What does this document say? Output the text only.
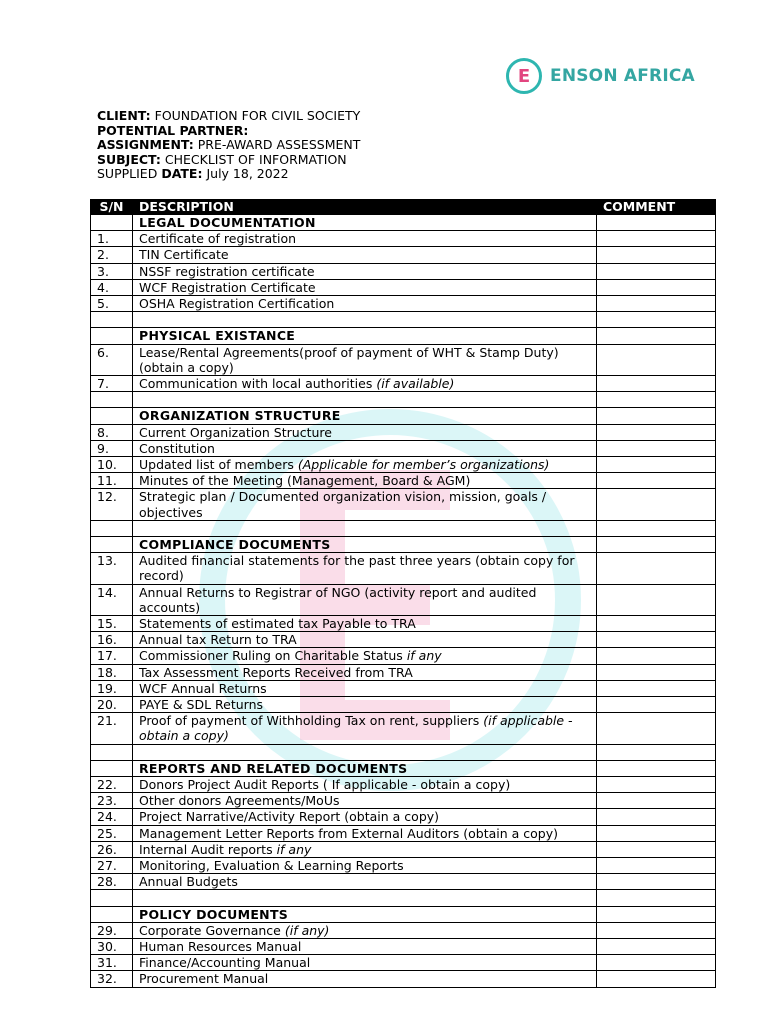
E	ENSON AFRICA
CLIENT: FOUNDATION FOR CIVIL SOCIETY
POTENTIAL PARTNER:
ASSIGNMENT: PRE-AWARD ASSESSMENT
SUBJECT: CHECKLIST OF INFORMATION
SUPPLIED DATE: July 18, 2022
S/N	DESCRIPTION	COMMENT
	LEGAL DOCUMENTATION	
1.	Certificate of registration	
2.	TIN Certificate	
3.	NSSF registration certificate	
4.	WCF Registration Certificate	
5.	OSHA Registration Certification	

	PHYSICAL EXISTANCE	
6.	Lease/Rental Agreements(proof of payment of WHT & Stamp Duty)
(obtain a copy)	
7.	Communication with local authorities (if available)	

	ORGANIZATION STRUCTURE	
8.	Current Organization Structure	
9.	Constitution	
10.	Updated list of members (Applicable for member’s organizations)	
11.	Minutes of the Meeting (Management, Board & AGM)	
12.	Strategic plan / Documented organization vision, mission, goals /
objectives	

	COMPLIANCE DOCUMENTS	
13.	Audited financial statements for the past three years (obtain copy for
record)	
14.	Annual Returns to Registrar of NGO (activity report and audited
accounts)	
15.	Statements of estimated tax Payable to TRA	
16.	Annual tax Return to TRA	
17.	Commissioner Ruling on Charitable Status if any	
18.	Tax Assessment Reports Received from TRA	
19.	WCF Annual Returns	
20.	PAYE & SDL Returns	
21.	Proof of payment of Withholding Tax on rent, suppliers (if applicable -
obtain a copy)	

	REPORTS AND RELATED DOCUMENTS	
22.	Donors Project Audit Reports ( If applicable - obtain a copy)	
23.	Other donors Agreements/MoUs	
24.	Project Narrative/Activity Report (obtain a copy)	
25.	Management Letter Reports from External Auditors (obtain a copy)	
26.	Internal Audit reports if any	
27.	Monitoring, Evaluation & Learning Reports	
28.	Annual Budgets	

	POLICY DOCUMENTS	
29.	Corporate Governance (if any)	
30.	Human Resources Manual	
31.	Finance/Accounting Manual	
32.	Procurement Manual	
